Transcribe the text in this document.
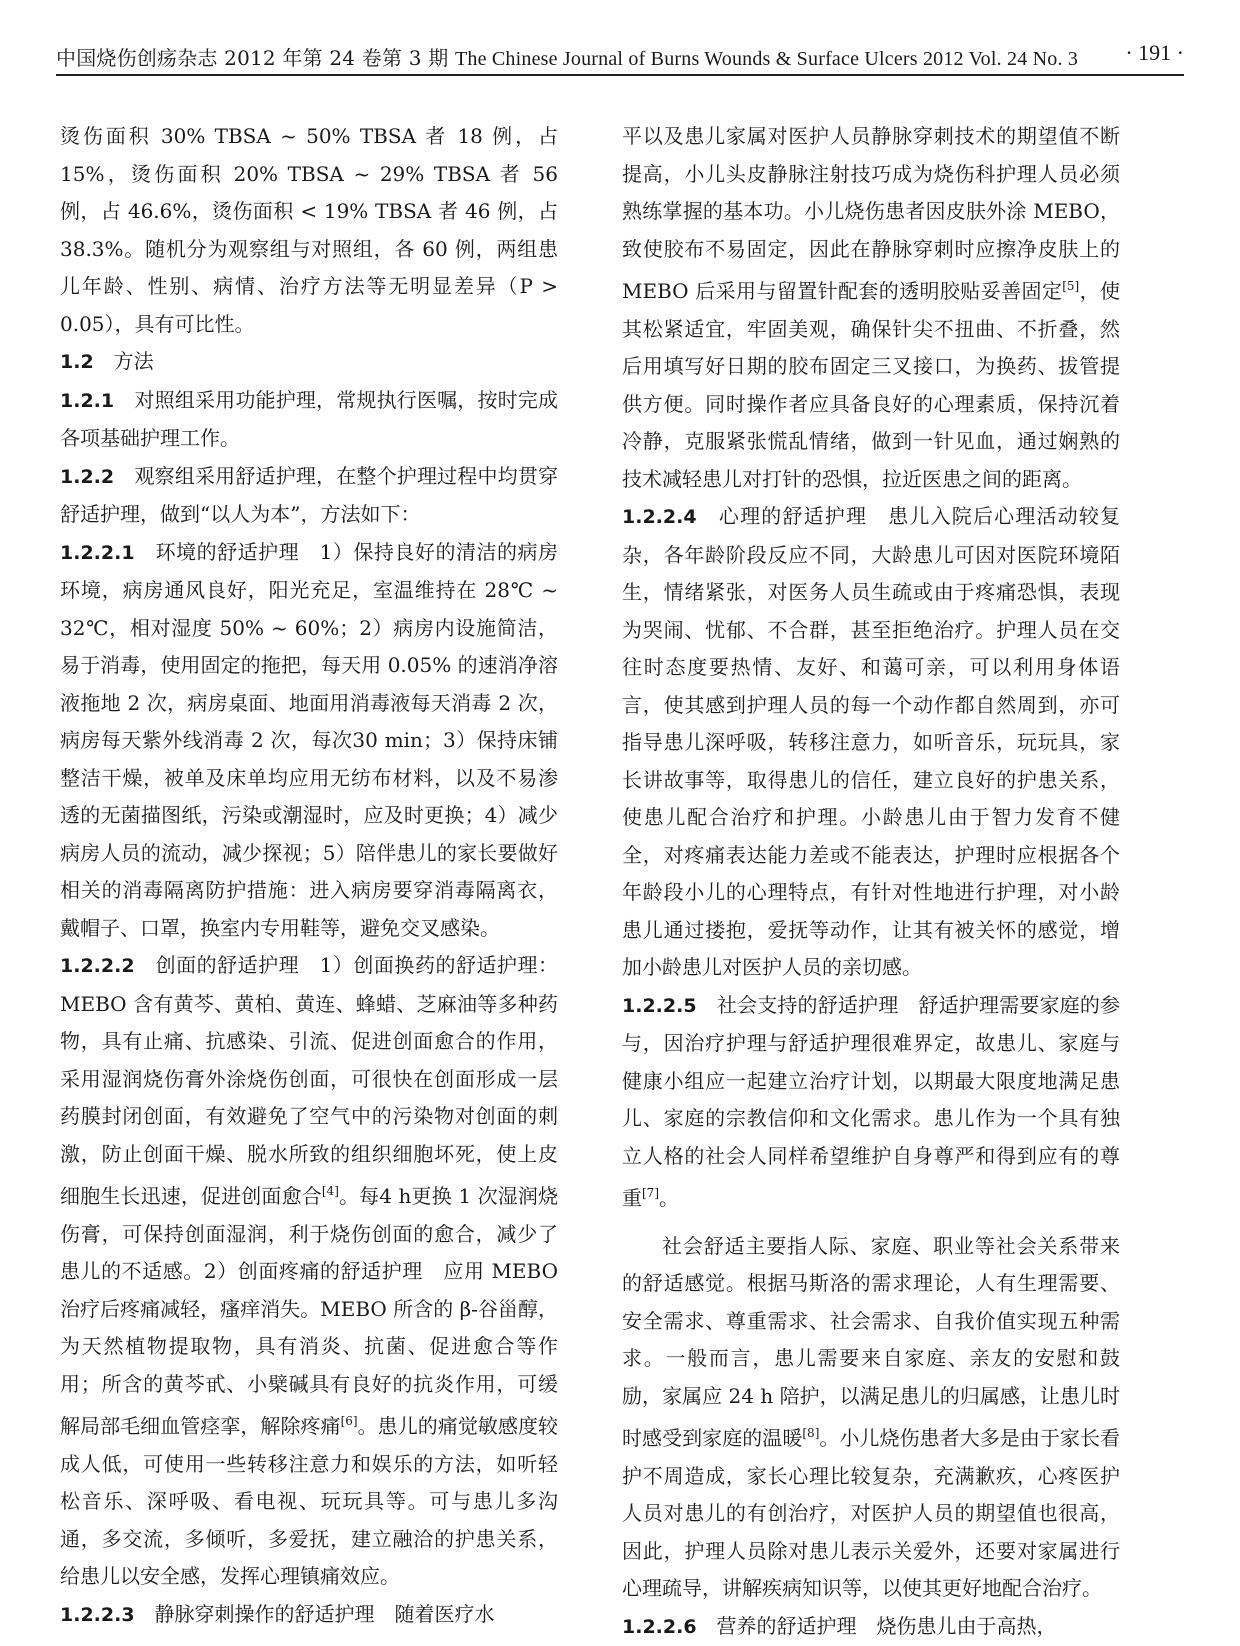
中国烧伤创疡杂志 2012 年第 24 卷第 3 期 The Chinese Journal of Burns Wounds & Surface Ulcers 2012 Vol. 24 No. 3 · 191 ·

烫伤面积 30% TBSA ~ 50% TBSA 者 18 例，占 15%，烫伤面积 20% TBSA ~ 29% TBSA 者 56 例，占 46.6%，烫伤面积 < 19% TBSA 者 46 例，占 38.3%。随机分为观察组与对照组，各 60 例，两组患儿年龄、性别、病情、治疗方法等无明显差异（P > 0.05），具有可比性。

1.2　 方法

1.2.1　 对照组采用功能护理，常规执行医嘱，按时完成各项基础护理工作。

1.2.2　 观察组采用舒适护理，在整个护理过程中均贯穿舒适护理，做到“以人为本”，方法如下：

1.2.2.1　 环境的舒适护理　1）保持良好的清洁的病房环境，病房通风良好，阳光充足，室温维持在 28℃ ~ 32℃，相对湿度 50% ~ 60%；2）病房内设施简洁，易于消毒，使用固定的拖把，每天用 0.05% 的速消净溶液拖地 2 次，病房桌面、地面用消毒液每天消毒 2 次，病房每天紫外线消毒 2 次，每次30 min；3）保持床铺整洁干燥，被单及床单均应用无纺布材料，以及不易渗透的无菌描图纸，污染或潮湿时，应及时更换；4）减少病房人员的流动，减少探视；5）陪伴患儿的家长要做好相关的消毒隔离防护措施：进入病房要穿消毒隔离衣，戴帽子、口罩，换室内专用鞋等，避免交叉感染。

1.2.2.2　 创面的舒适护理　1）创面换药的舒适护理：MEBO 含有黄芩、黄柏、黄连、蜂蜡、芝麻油等多种药物，具有止痛、抗感染、引流、促进创面愈合的作用，采用湿润烧伤膏外涂烧伤创面，可很快在创面形成一层药膜封闭创面，有效避免了空气中的污染物对创面的刺激，防止创面干燥、脱水所致的组织细胞坏死，使上皮细胞生长迅速，促进创面愈合[4]。每4 h更换 1 次湿润烧伤膏，可保持创面湿润，利于烧伤创面的愈合，减少了患儿的不适感。2）创面疼痛的舒适护理　应用 MEBO 治疗后疼痛减轻，瘙痒消失。MEBO 所含的 β-谷甾醇，为天然植物提取物，具有消炎、抗菌、促进愈合等作用；所含的黄芩甙、小檗碱具有良好的抗炎作用，可缓解局部毛细血管痉挛，解除疼痛[6]。患儿的痛觉敏感度较成人低，可使用一些转移注意力和娱乐的方法，如听轻松音乐、深呼吸、看电视、玩玩具等。可与患儿多沟通，多交流，多倾听，多爱抚，建立融洽的护患关系，给患儿以安全感，发挥心理镇痛效应。

1.2.2.3　 静脉穿刺操作的舒适护理　随着医疗水

平以及患儿家属对医护人员静脉穿刺技术的期望值不断提高，小儿头皮静脉注射技巧成为烧伤科护理人员必须熟练掌握的基本功。小儿烧伤患者因皮肤外涂 MEBO，致使胶布不易固定，因此在静脉穿刺时应擦净皮肤上的 MEBO 后采用与留置针配套的透明胶贴妥善固定[5]，使其松紧适宜，牢固美观，确保针尖不扭曲、不折叠，然后用填写好日期的胶布固定三叉接口，为换药、拔管提供方便。同时操作者应具备良好的心理素质，保持沉着冷静，克服紧张慌乱情绪，做到一针见血，通过娴熟的技术减轻患儿对打针的恐惧，拉近医患之间的距离。

1.2.2.4　 心理的舒适护理　患儿入院后心理活动较复杂，各年龄阶段反应不同，大龄患儿可因对医院环境陌生，情绪紧张，对医务人员生疏或由于疼痛恐惧，表现为哭闹、忧郁、不合群，甚至拒绝治疗。护理人员在交往时态度要热情、友好、和蔼可亲，可以利用身体语言，使其感到护理人员的每一个动作都自然周到，亦可指导患儿深呼吸，转移注意力，如听音乐，玩玩具，家长讲故事等，取得患儿的信任，建立良好的护患关系，使患儿配合治疗和护理。小龄患儿由于智力发育不健全，对疼痛表达能力差或不能表达，护理时应根据各个年龄段小儿的心理特点，有针对性地进行护理，对小龄患儿通过搂抱，爱抚等动作，让其有被关怀的感觉，增加小龄患儿对医护人员的亲切感。

1.2.2.5　 社会支持的舒适护理　舒适护理需要家庭的参与，因治疗护理与舒适护理很难界定，故患儿、家庭与健康小组应一起建立治疗计划，以期最大限度地满足患儿、家庭的宗教信仰和文化需求。患儿作为一个具有独立人格的社会人同样希望维护自身尊严和得到应有的尊重[7]。

社会舒适主要指人际、家庭、职业等社会关系带来的舒适感觉。根据马斯洛的需求理论，人有生理需要、安全需求、尊重需求、社会需求、自我价值实现五种需求。一般而言，患儿需要来自家庭、亲友的安慰和鼓励，家属应 24 h 陪护，以满足患儿的归属感，让患儿时时感受到家庭的温暖[8]。小儿烧伤患者大多是由于家长看护不周造成，家长心理比较复杂，充满歉疚，心疼医护人员对患儿的有创治疗，对医护人员的期望值也很高，因此，护理人员除对患儿表示关爱外，还要对家属进行心理疏导，讲解疾病知识等，以使其更好地配合治疗。

1.2.2.6　 营养的舒适护理　烧伤患儿由于高热，
